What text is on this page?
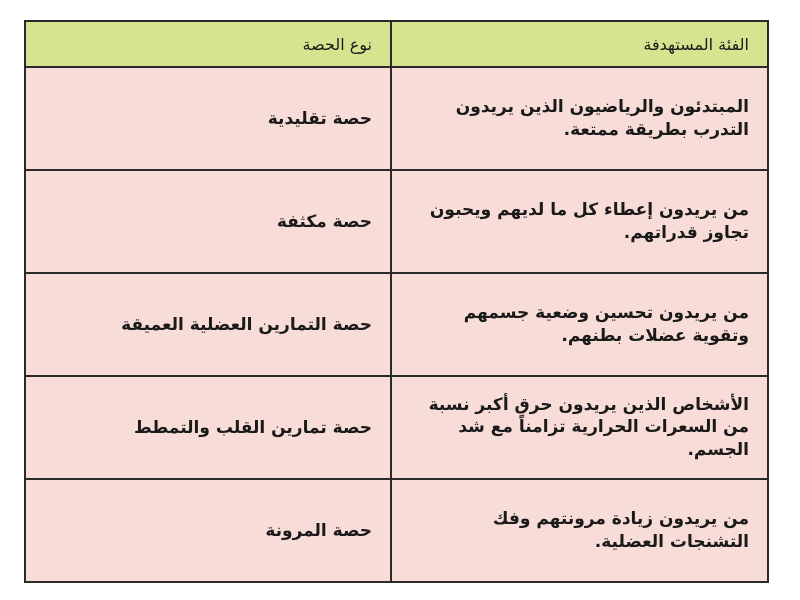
الفئة المستهدفة	نوع الحصة
المبتدئون والرياضيون الذين يريدون التدرب بطريقة ممتعة.	حصة تقليدية
من يريدون إعطاء كل ما لديهم ويحبون تجاوز قدراتهم.	حصة مكثفة
من يريدون تحسين وضعية جسمهم وتقوية عضلات بطنهم.	حصة التمارين العضلية العميقة
الأشخاص الذين يريدون حرق أكبر نسبة من السعرات الحرارية تزامناً مع شد الجسم.	حصة تمارين القلب والتمطط
من يريدون زيادة مرونتهم وفك التشنجات العضلية.	حصة المرونة
